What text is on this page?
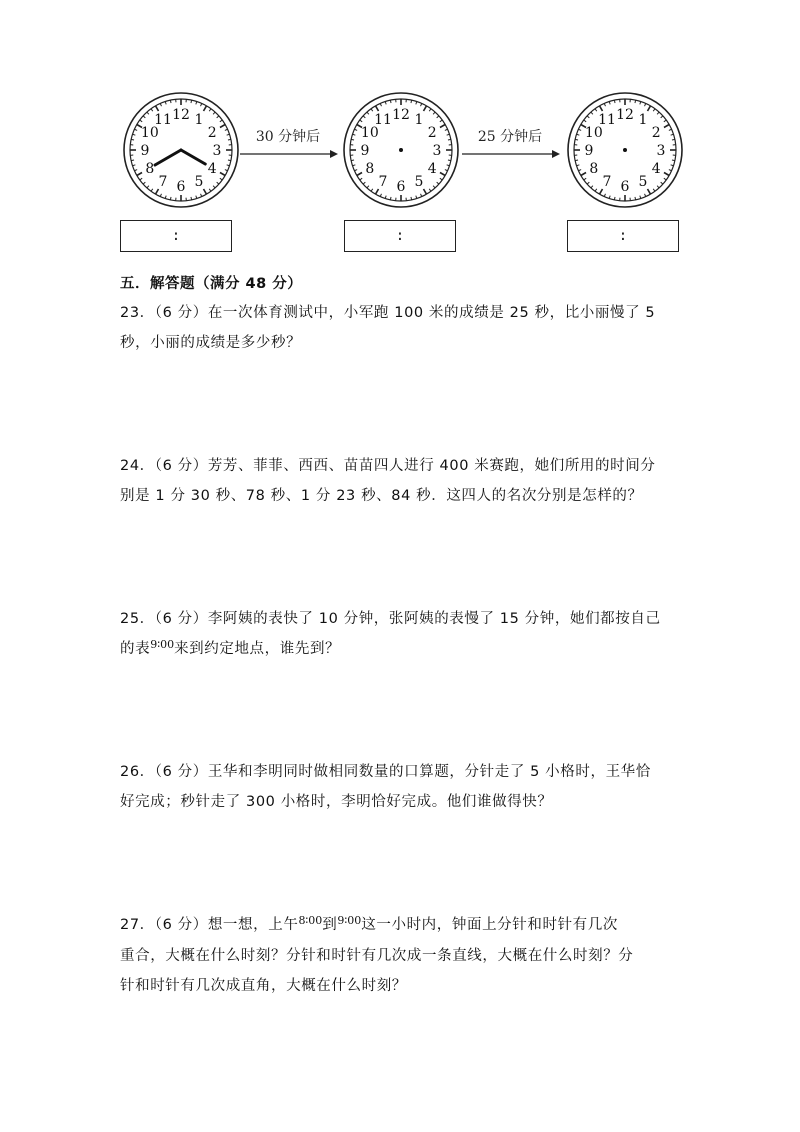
12 1
2
3
4
5
6
7
8
9
10
11
:
30 分钟后
12 1
2
3
4
5
6
7
8
9
10
11
:
25 分钟后
12 1
2
3
4
5
6
7
8
9
10
11
:
五．解答题（满分 48 分）
23．（6 分）在一次体育测试中，小军跑 100 米的成绩是 25 秒，比小丽慢了 5
秒，小丽的成绩是多少秒？
24．（6 分）芳芳、菲菲、西西、苗苗四人进行 400 米赛跑，她们所用的时间分
别是 1 分 30 秒、78 秒、1 分 23 秒、84 秒．这四人的名次分别是怎样的？
25．（6 分）李阿姨的表快了 10 分钟，张阿姨的表慢了 15 分钟，她们都按自己
的表$^{9∶00}$来到约定地点，谁先到？
26．（6 分）王华和李明同时做相同数量的口算题，分针走了 5 小格时，王华恰
好完成；秒针走了 300 小格时，李明恰好完成。他们谁做得快？
27．（6 分）想一想，上午$^{8∶00}$到$^{9∶00}$这一小时内，钟面上分针和时针有几次
重合，大概在什么时刻？分针和时针有几次成一条直线，大概在什么时刻？分
针和时针有几次成直角，大概在什么时刻？
